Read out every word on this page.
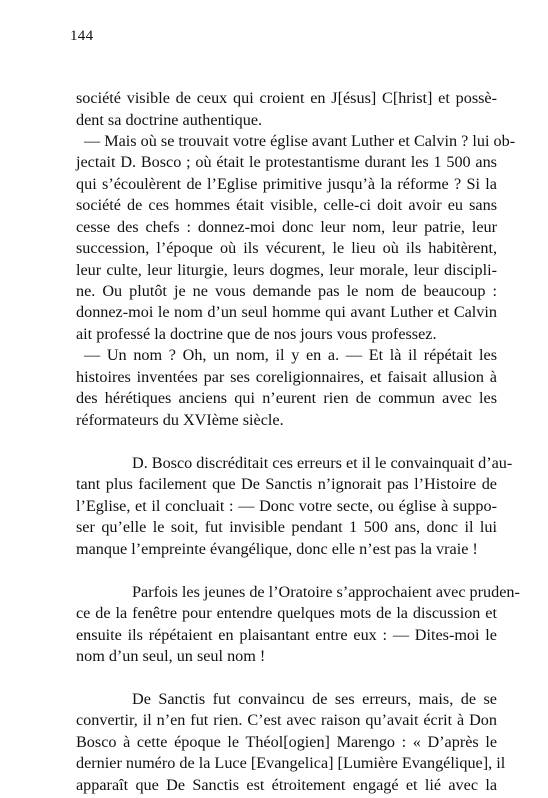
144
société visible de ceux qui croient en J[ésus] C[hrist] et possè-
dent sa doctrine authentique.
— Mais où se trouvait votre église avant Luther et Calvin ? lui ob-
jectait D. Bosco ; où était le protestantisme durant les 1 500 ans
qui s’écoulèrent de l’Eglise primitive jusqu’à la réforme ? Si la
société de ces hommes était visible, celle-ci doit avoir eu sans
cesse des chefs : donnez-moi donc leur nom, leur patrie, leur
succession, l’époque où ils vécurent, le lieu où ils habitèrent,
leur culte, leur liturgie, leurs dogmes, leur morale, leur discipli-
ne. Ou plutôt je ne vous demande pas le nom de beaucoup :
donnez-moi le nom d’un seul homme qui avant Luther et Calvin
ait professé la doctrine que de nos jours vous professez.
— Un nom ? Oh, un nom, il y en a. — Et là il répétait les
histoires inventées par ses coreligionnaires, et faisait allusion à
des hérétiques anciens qui n’eurent rien de commun avec les
réformateurs du XVIème siècle.
D. Bosco discréditait ces erreurs et il le convainquait d’au-
tant plus facilement que De Sanctis n’ignorait pas l’Histoire de
l’Eglise, et il concluait : — Donc votre secte, ou église à suppo-
ser qu’elle le soit, fut invisible pendant 1 500 ans, donc il lui
manque l’empreinte évangélique, donc elle n’est pas la vraie !
Parfois les jeunes de l’Oratoire s’approchaient avec pruden-
ce de la fenêtre pour entendre quelques mots de la discussion et
ensuite ils répétaient en plaisantant entre eux : — Dites-moi le
nom d’un seul, un seul nom !
De Sanctis fut convaincu de ses erreurs, mais, de se
convertir, il n’en fut rien. C’est avec raison qu’avait écrit à Don
Bosco à cette époque le Théol[ogien] Marengo : « D’après le
dernier numéro de la Luce [Evangelica] [Lumière Evangélique], il
apparaît que De Sanctis est étroitement engagé et lié avec la
